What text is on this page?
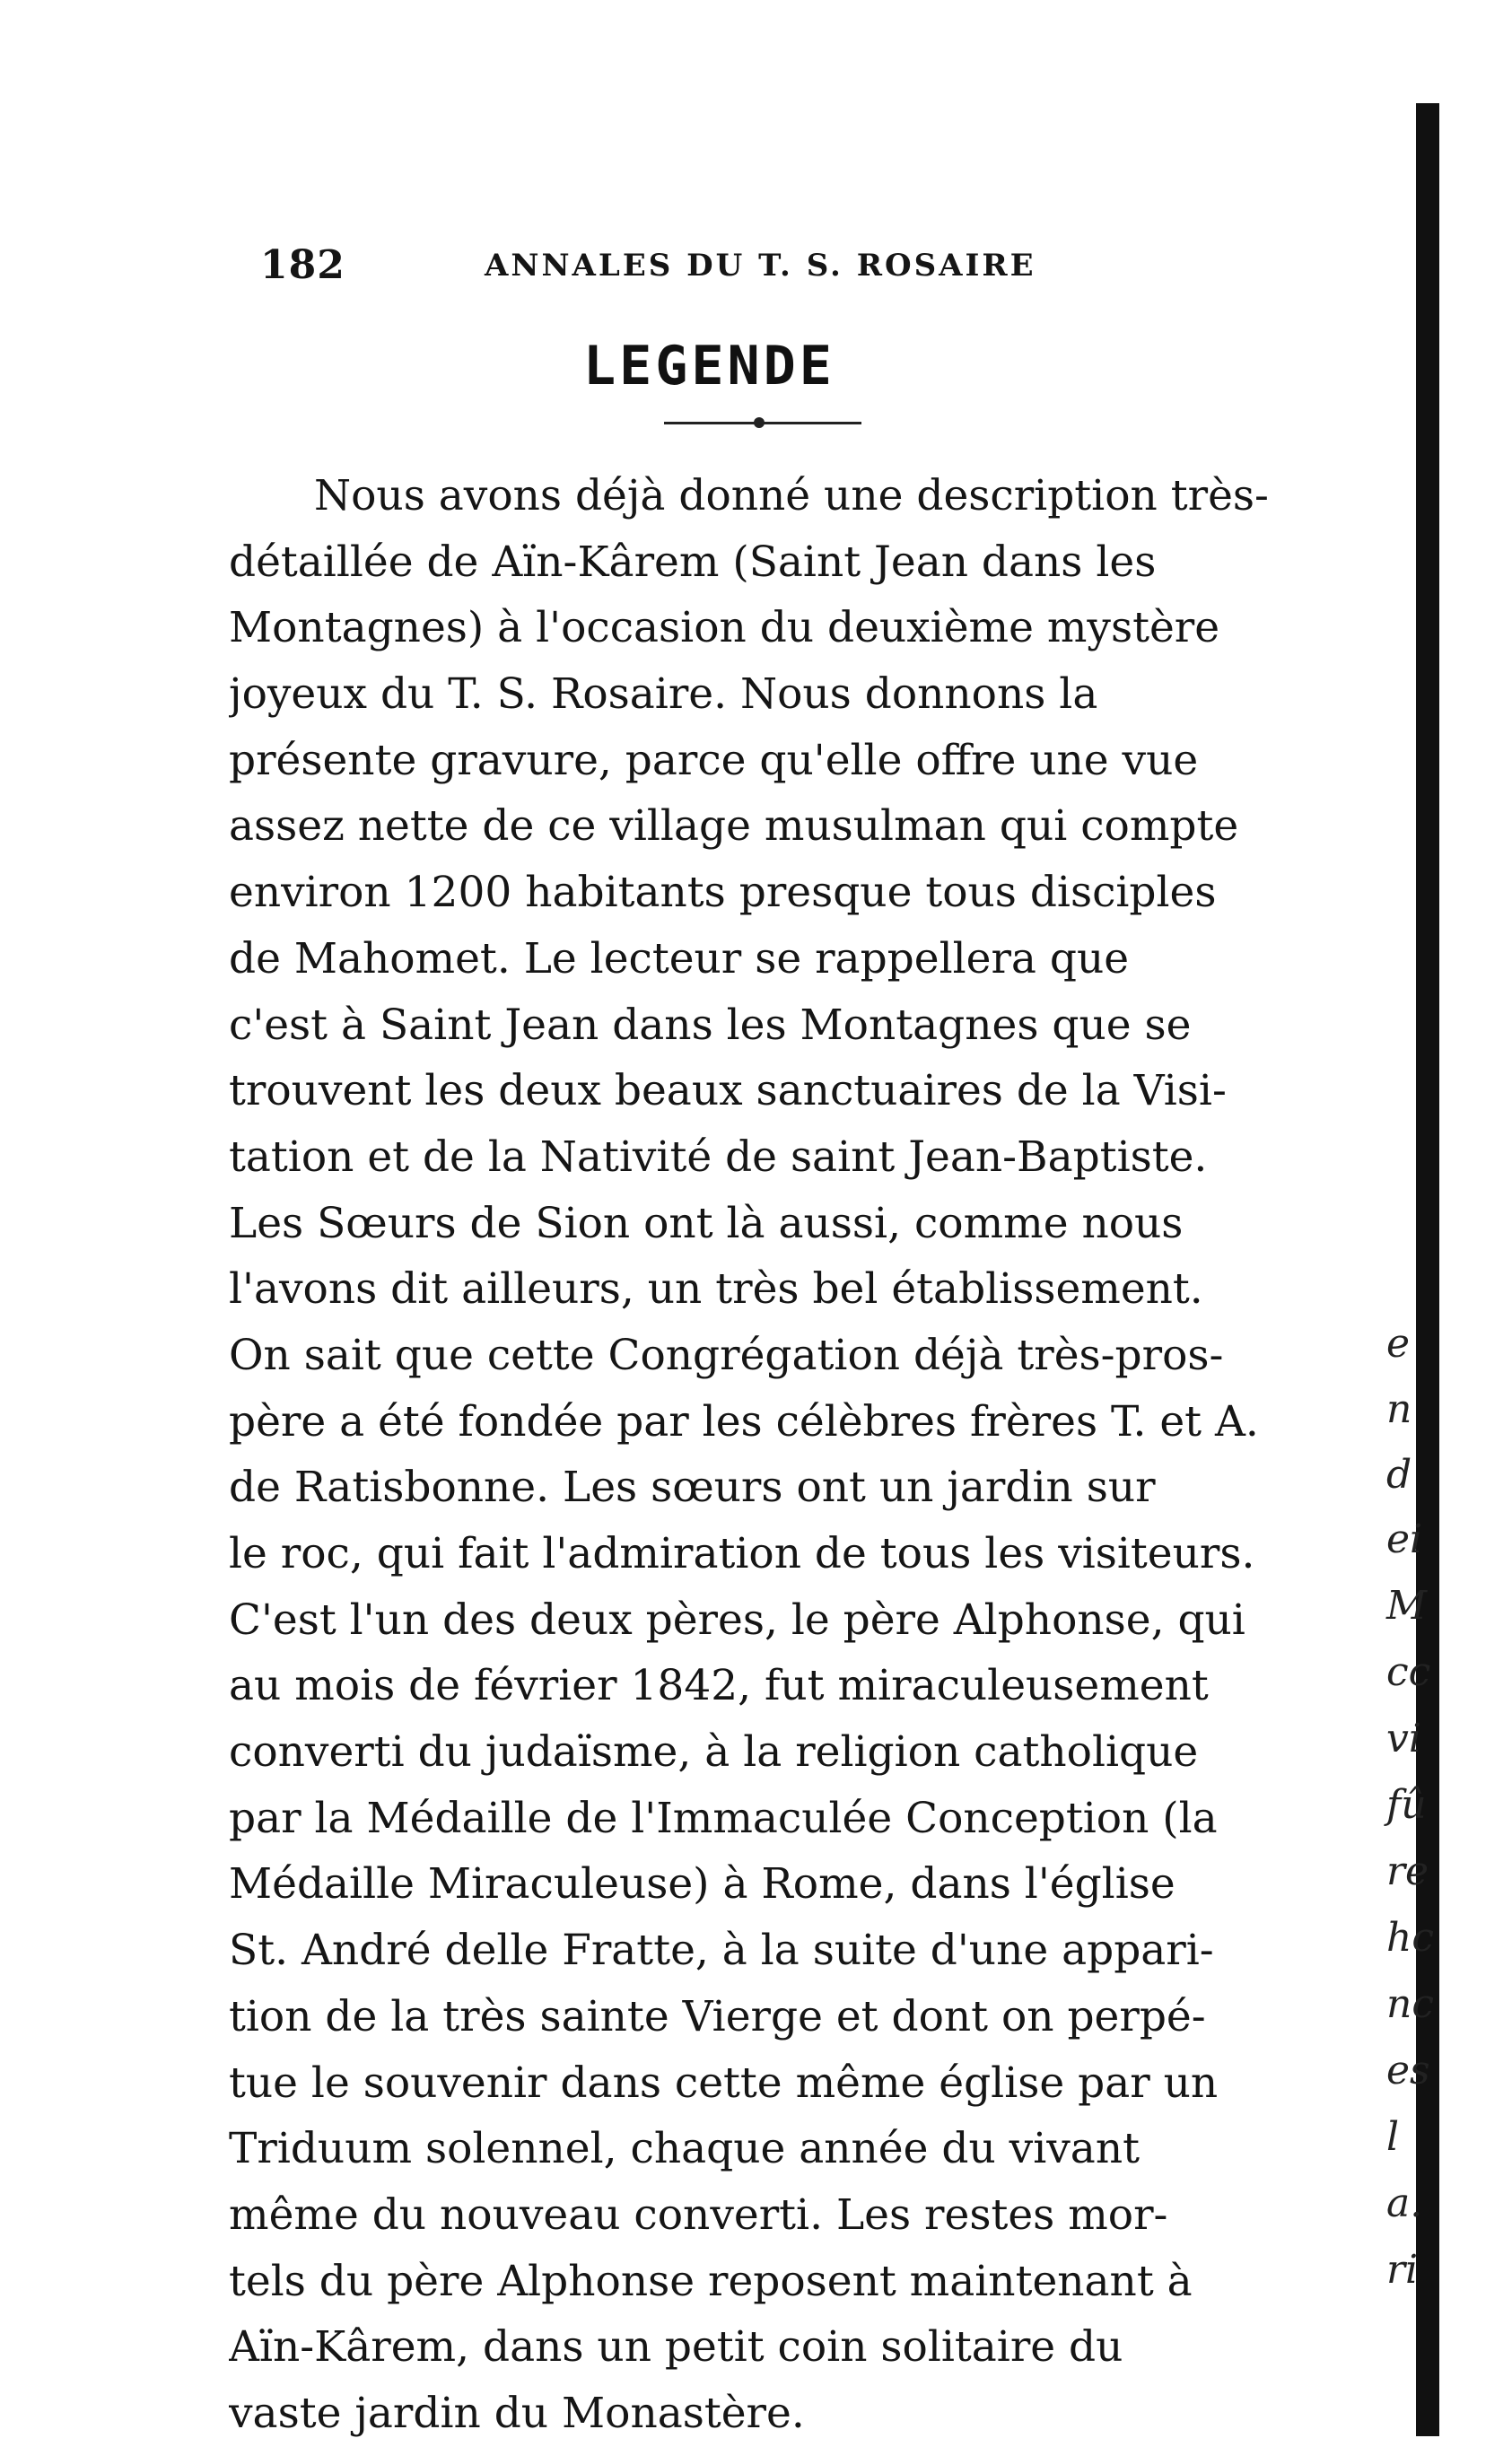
182	ANNALES DU T. S. ROSAIRE
LEGENDE
Nous avons déjà donné une description très-
détaillée de Aïn-Kârem (Saint Jean dans les
Montagnes) à l'occasion du deuxième mystère
joyeux du T. S. Rosaire. Nous donnons la
présente gravure, parce qu'elle offre une vue
assez nette de ce village musulman qui compte
environ 1200 habitants presque tous disciples
de Mahomet. Le lecteur se rappellera que
c'est à Saint Jean dans les Montagnes que se
trouvent les deux beaux sanctuaires de la Visi-
tation et de la Nativité de saint Jean-Baptiste.
Les Sœurs de Sion ont là aussi, comme nous
l'avons dit ailleurs, un très bel établissement.
On sait que cette Congrégation déjà très-pros-
père a été fondée par les célèbres frères T. et A.
de Ratisbonne. Les sœurs ont un jardin sur
le roc, qui fait l'admiration de tous les visiteurs.
C'est l'un des deux pères, le père Alphonse, qui
au mois de février 1842, fut miraculeusement
converti du judaïsme, à la religion catholique
par la Médaille de l'Immaculée Conception (la
Médaille Miraculeuse) à Rome, dans l'église
St. André delle Fratte, à la suite d'une appari-
tion de la très sainte Vierge et dont on perpé-
tue le souvenir dans cette même église par un
Triduum solennel, chaque année du vivant
même du nouveau converti. Les restes mor-
tels du père Alphonse reposent maintenant à
Aïn-Kârem, dans un petit coin solitaire du
vaste jardin du Monastère.
e
n
d
ei
M
cc
vi
fû
re
hc
nc
es
l
a.
ri
